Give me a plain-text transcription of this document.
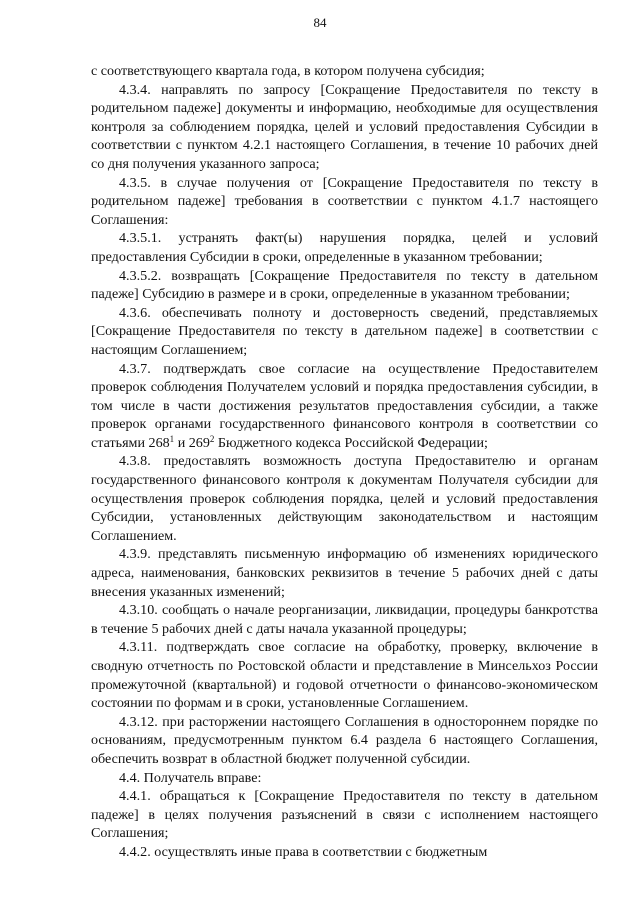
84

с соответствующего квартала года, в котором получена субсидия;

4.3.4. направлять по запросу [Сокращение Предоставителя по тексту в родительном падеже] документы и информацию, необходимые для осуществления контроля за соблюдением порядка, целей и условий предоставления Субсидии в соответствии с пунктом 4.2.1 настоящего Соглашения, в течение 10 рабочих дней со дня получения указанного запроса;

4.3.5. в случае получения от [Сокращение Предоставителя по тексту в родительном падеже] требования в соответствии с пунктом 4.1.7 настоящего Соглашения:

4.3.5.1. устранять факт(ы) нарушения порядка, целей и условий предоставления Субсидии в сроки, определенные в указанном требовании;

4.3.5.2. возвращать [Сокращение Предоставителя по тексту в дательном падеже] Субсидию в размере и в сроки, определенные в указанном требовании;

4.3.6. обеспечивать полноту и достоверность сведений, представляемых [Сокращение Предоставителя по тексту в дательном падеже] в соответствии с настоящим Соглашением;

4.3.7. подтверждать свое согласие на осуществление Предоставителем проверок соблюдения Получателем условий и порядка предоставления субсидии, в том числе в части достижения результатов предоставления субсидии, а также проверок органами государственного финансового контроля в соответствии со статьями $268^1$ и $269^2$ Бюджетного кодекса Российской Федерации;

4.3.8. предоставлять возможность доступа Предоставителю и органам государственного финансового контроля к документам Получателя субсидии для осуществления проверок соблюдения порядка, целей и условий предоставления Субсидии, установленных действующим законодательством и настоящим Соглашением.

4.3.9. представлять письменную информацию об изменениях юридического адреса, наименования, банковских реквизитов в течение 5 рабочих дней с даты внесения указанных изменений;

4.3.10. сообщать о начале реорганизации, ликвидации, процедуры банкротства в течение 5 рабочих дней с даты начала указанной процедуры;

4.3.11. подтверждать свое согласие на обработку, проверку, включение в сводную отчетность по Ростовской области и представление в Минсельхоз России промежуточной (квартальной) и годовой отчетности о финансово-экономическом состоянии по формам и в сроки, установленные Соглашением.

4.3.12. при расторжении настоящего Соглашения в одностороннем порядке по основаниям, предусмотренным пунктом 6.4 раздела 6 настоящего Соглашения, обеспечить возврат в областной бюджет полученной субсидии.

4.4. Получатель вправе:

4.4.1. обращаться к [Сокращение Предоставителя по тексту в дательном падеже] в целях получения разъяснений в связи с исполнением настоящего Соглашения;

4.4.2. осуществлять иные права в соответствии с бюджетным
